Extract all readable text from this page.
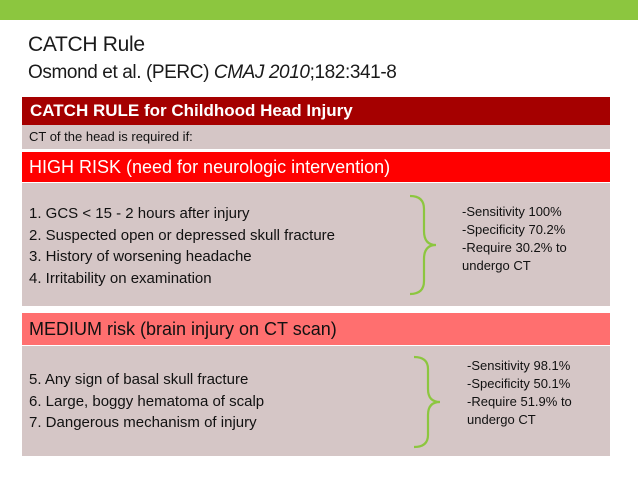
CATCH Rule
Osmond et al. (PERC) CMAJ 2010;182:341-8
CATCH RULE for Childhood Head Injury
CT of the head is required if:
HIGH RISK (need for neurologic intervention)
1. GCS < 15 - 2 hours after injury
2. Suspected open or depressed skull fracture
3. History of worsening headache
4. Irritability on examination
-Sensitivity 100%
-Specificity 70.2%
-Require 30.2% to
undergo CT
MEDIUM risk (brain injury on CT scan)
5. Any sign of basal skull fracture
6. Large, boggy hematoma of scalp
7. Dangerous mechanism of injury
-Sensitivity 98.1%
-Specificity 50.1%
-Require 51.9% to
undergo CT
